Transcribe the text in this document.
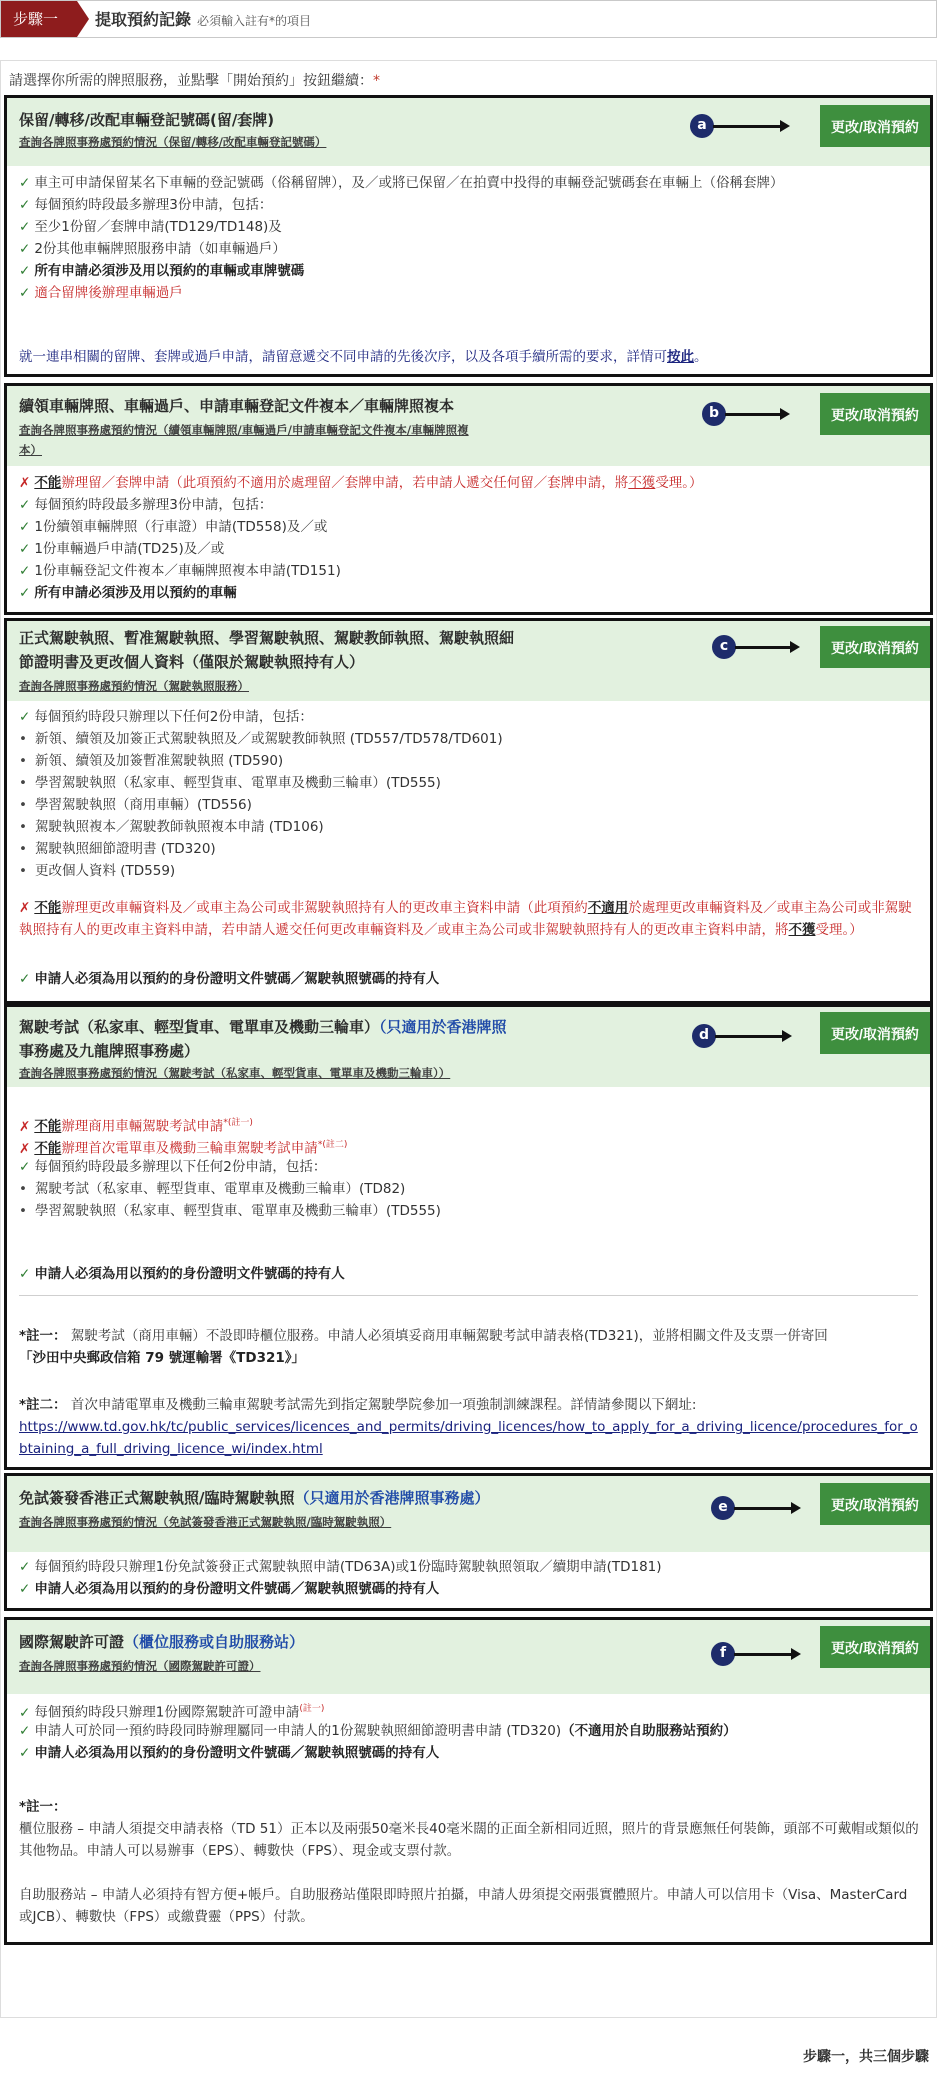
步驟一	提取預約記錄 必須輸入註有*的項目
請選擇你所需的牌照服務，並點擊「開始預約」按鈕繼續：*
保留/轉移/改配車輛登記號碼(留/套牌)
查詢各牌照事務處預約情況（保留/轉移/改配車輛登記號碼）
a	更改/取消預約
✓ 車主可申請保留某名下車輛的登記號碼（俗稱留牌），及／或將已保留／在拍賣中投得的車輛登記號碼套在車輛上（俗稱套牌）
✓ 每個預約時段最多辦理3份申請，包括：
✓ 至少1份留／套牌申請(TD129/TD148)及
✓ 2份其他車輛牌照服務申請（如車輛過戶）
✓ 所有申請必須涉及用以預約的車輛或車牌號碼
✓ 適合留牌後辦理車輛過戶
就一連串相關的留牌、套牌或過戶申請，請留意遞交不同申請的先後次序，以及各項手續所需的要求，詳情可按此。
續領車輛牌照、車輛過戶、申請車輛登記文件複本／車輛牌照複本
查詢各牌照事務處預約情況（續領車輛牌照/車輛過戶/申請車輛登記文件複本/車輛牌照複
本）
b	更改/取消預約
✗ 不能辦理留／套牌申請（此項預約不適用於處理留／套牌申請，若申請人遞交任何留／套牌申請，將不獲受理。）
✓ 每個預約時段最多辦理3份申請，包括：
✓ 1份續領車輛牌照（行車證）申請(TD558)及／或
✓ 1份車輛過戶申請(TD25)及／或
✓ 1份車輛登記文件複本／車輛牌照複本申請(TD151)
✓ 所有申請必須涉及用以預約的車輛
正式駕駛執照、暫准駕駛執照、學習駕駛執照、駕駛教師執照、駕駛執照細
節證明書及更改個人資料（僅限於駕駛執照持有人）
查詢各牌照事務處預約情況（駕駛執照服務）
c	更改/取消預約
✓ 每個預約時段只辦理以下任何2份申請，包括：
• 新領、續領及加簽正式駕駛執照及／或駕駛教師執照 (TD557/TD578/TD601)
• 新領、續領及加簽暫准駕駛執照 (TD590)
• 學習駕駛執照（私家車、輕型貨車、電單車及機動三輪車）(TD555)
• 學習駕駛執照（商用車輛）(TD556)
• 駕駛執照複本／駕駛教師執照複本申請 (TD106)
• 駕駛執照細節證明書 (TD320)
• 更改個人資料 (TD559)
✗ 不能辦理更改車輛資料及／或車主為公司或非駕駛執照持有人的更改車主資料申請（此項預約不適用於處理更改車輛資料及／或車主為公司或非駕駛執照持有人的更改車主資料申請，若申請人遞交任何更改車輛資料及／或車主為公司或非駕駛執照持有人的更改車主資料申請，將不獲受理。）
✓ 申請人必須為用以預約的身份證明文件號碼／駕駛執照號碼的持有人
駕駛考試（私家車、輕型貨車、電單車及機動三輪車）（只適用於香港牌照
事務處及九龍牌照事務處）
查詢各牌照事務處預約情況（駕駛考試（私家車、輕型貨車、電單車及機動三輪車））
d	更改/取消預約
✗ 不能辦理商用車輛駕駛考試申請$^{*(註一)}$
✗ 不能辦理首次電單車及機動三輪車駕駛考試申請$^{*(註二)}$
✓ 每個預約時段最多辦理以下任何2份申請，包括：
• 駕駛考試（私家車、輕型貨車、電單車及機動三輪車）(TD82)
• 學習駕駛執照（私家車、輕型貨車、電單車及機動三輪車）(TD555)
✓ 申請人必須為用以預約的身份證明文件號碼的持有人
*註一： 駕駛考試（商用車輛）不設即時櫃位服務。申請人必須填妥商用車輛駕駛考試申請表格(TD321)，並將相關文件及支票一併寄回
「沙田中央郵政信箱 79 號運輸署《TD321》」
*註二： 首次申請電單車及機動三輪車駕駛考試需先到指定駕駛學院參加一項強制訓練課程。詳情請參閱以下網址:
https://www.td.gov.hk/tc/public_services/licences_and_permits/driving_licences/how_to_apply_for_a_driving_licence/procedures_for_obtaining_a_full_driving_licence_wi/index.html
免試簽發香港正式駕駛執照/臨時駕駛執照（只適用於香港牌照事務處）
查詢各牌照事務處預約情況（免試簽發香港正式駕駛執照/臨時駕駛執照）
e	更改/取消預約
✓ 每個預約時段只辦理1份免試簽發正式駕駛執照申請(TD63A)或1份臨時駕駛執照領取／續期申請(TD181)
✓ 申請人必須為用以預約的身份證明文件號碼／駕駛執照號碼的持有人
國際駕駛許可證（櫃位服務或自助服務站）
查詢各牌照事務處預約情況（國際駕駛許可證）
f	更改/取消預約
✓ 每個預約時段只辦理1份國際駕駛許可證申請$^{(註一)}$
✓ 申請人可於同一預約時段同時辦理屬同一申請人的1份駕駛執照細節證明書申請 (TD320)（不適用於自助服務站預約）
✓ 申請人必須為用以預約的身份證明文件號碼／駕駛執照號碼的持有人
*註一：
櫃位服務 – 申請人須提交申請表格（TD 51）正本以及兩張50毫米長40毫米闊的正面全新相同近照，照片的背景應無任何裝飾，頭部不可戴帽或類似的其他物品。申請人可以易辦事（EPS）、轉數快（FPS）、現金或支票付款。
自助服務站 – 申請人必須持有智方便+帳戶。自助服務站僅限即時照片拍攝，申請人毋須提交兩張實體照片。申請人可以信用卡（Visa、MasterCard或JCB）、轉數快（FPS）或繳費靈（PPS）付款。
步驟一，共三個步驟
